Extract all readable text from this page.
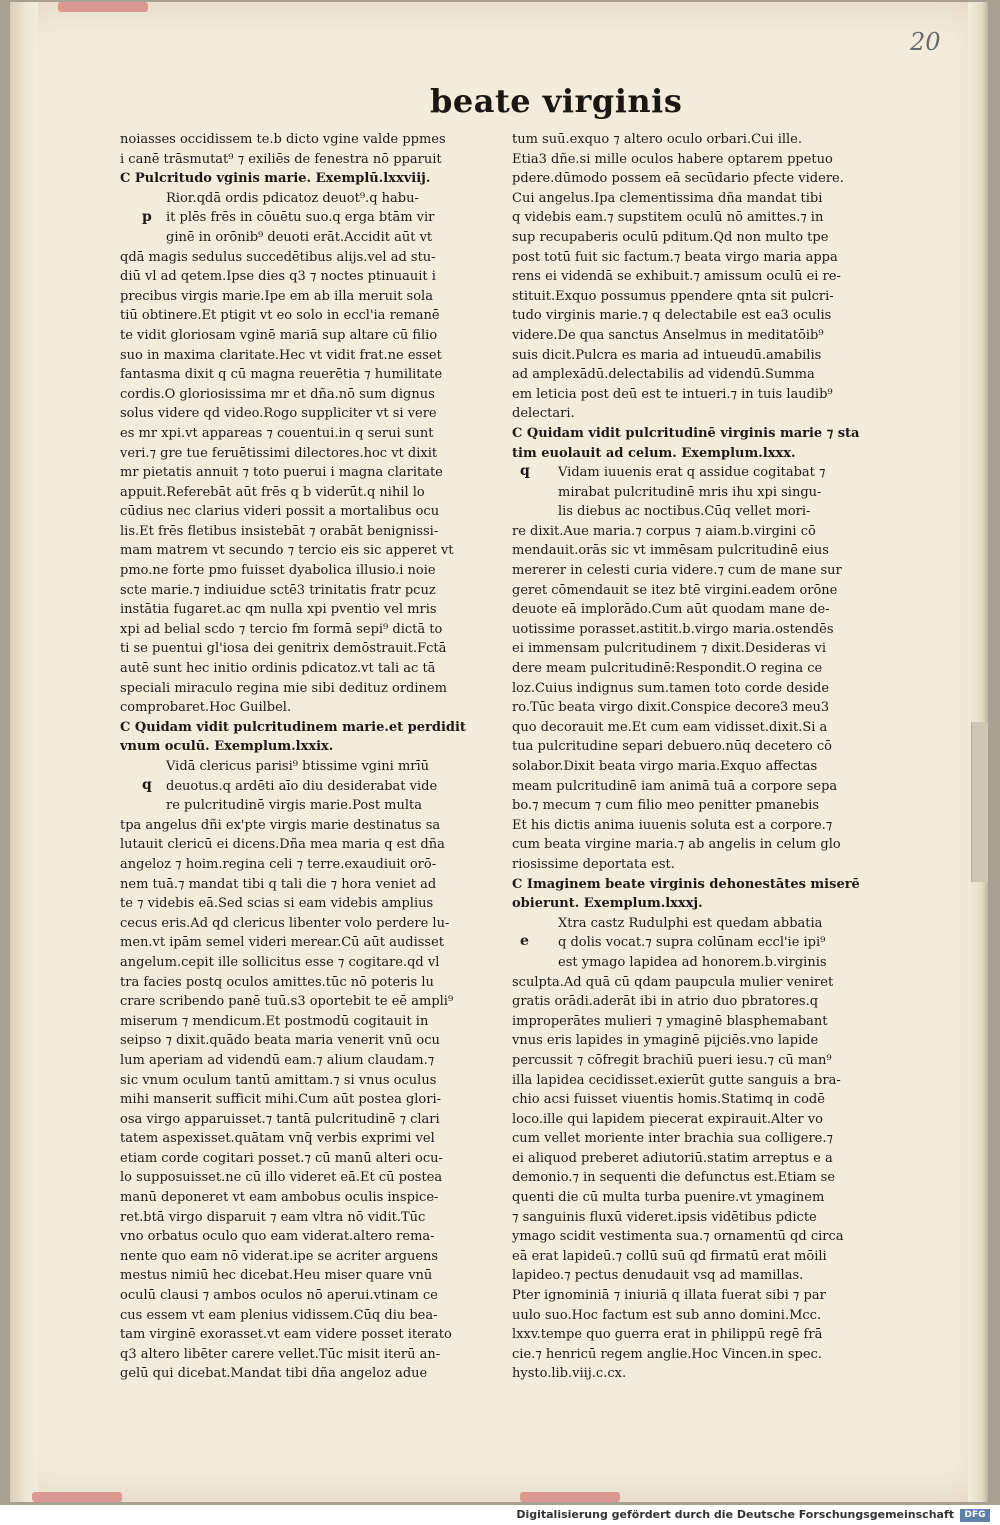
20
beate virginis
noiasses occidissem te.b dicto vgine valde ppmes
i canē trāsmutat⁹ ⁊ exiliēs de fenestra nō pparuit
C Pulcritudo vginis marie. Exemplū.lxxviij.
Rior.qdā ordis pdicatoz deuot⁹.q habu-
it plēs frēs in cōuētu suo.q erga btām vir
ginē in orōnib⁹ deuoti erāt.Accidit aūt vt
qdā magis sedulus succedētibus alijs.vel ad stu-
diū vl ad qetem.Ipse dies q3 ⁊ noctes ptinuauit i
precibus virgis marie.Ipe em ab illa meruit sola
tiū obtinere.Et ptigit vt eo solo in eccl'ia remanē
te vidit gloriosam vginē mariā sup altare cū filio
suo in maxima claritate.Hec vt vidit frat.ne esset
fantasma dixit q cū magna reuerētia ⁊ humilitate
cordis.O gloriosissima mr et dña.nō sum dignus
solus videre qd video.Rogo suppliciter vt si vere
es mr xpi.vt appareas ⁊ couentui.in q serui sunt
veri.⁊ gre tue feruētissimi dilectores.hoc vt dixit
mr pietatis annuit ⁊ toto puerui i magna claritate
appuit.Referebāt aūt frēs q b viderūt.q nihil lo
cūdius nec clarius videri possit a mortalibus ocu
lis.Et frēs fletibus insistebāt ⁊ orabāt benignissi-
mam matrem vt secundo ⁊ tercio eis sic apperet vt
pmo.ne forte pmo fuisset dyabolica illusio.i noie
scte marie.⁊ indiuidue sctē3 trinitatis fratr pcuz
instātia fugaret.ac qm nulla xpi pventio vel mris
xpi ad belial scdo ⁊ tercio fm formā sepi⁹ dictā to
ti se puentui gl'iosa dei genitrix demōstrauit.Fctā
autē sunt hec initio ordinis pdicatoz.vt tali ac tā
speciali miraculo regina mie sibi dedituz ordinem
comprobaret.Hoc Guilbel.
C Quidam vidit pulcritudinem marie.et perdidit
vnum oculū. Exemplum.lxxix.
Vidā clericus parisi⁹ btissime vgini mrīū
deuotus.q ardēti aīo diu desiderabat vide
re pulcritudinē virgis marie.Post multa
tpa angelus dñi ex'pte virgis marie destinatus sa
lutauit clericū ei dicens.Dña mea maria q est dña
angeloz ⁊ hoim.regina celi ⁊ terre.exaudiuit orō-
nem tuā.⁊ mandat tibi q tali die ⁊ hora veniet ad
te ⁊ videbis eā.Sed scias si eam videbis amplius
cecus eris.Ad qd clericus libenter volo perdere lu-
men.vt ipām semel videri merear.Cū aūt audisset
angelum.cepit ille sollicitus esse ⁊ cogitare.qd vl
tra facies postq oculos amittes.tūc nō poteris lu
crare scribendo panē tuū.s3 oportebit te eē ampli⁹
miserum ⁊ mendicum.Et postmodū cogitauit in
seipso ⁊ dixit.quādo beata maria venerit vnū ocu
lum aperiam ad videndū eam.⁊ alium claudam.⁊
sic vnum oculum tantū amittam.⁊ si vnus oculus
mihi manserit sufficit mihi.Cum aūt postea glori-
osa virgo apparuisset.⁊ tantā pulcritudinē ⁊ clari
tatem aspexisset.quātam vnq̄ verbis exprimi vel
etiam corde cogitari posset.⁊ cū manū alteri ocu-
lo supposuisset.ne cū illo videret eā.Et cū postea
manū deponeret vt eam ambobus oculis inspice-
ret.btā virgo disparuit ⁊ eam vltra nō vidit.Tūc
vno orbatus oculo quo eam viderat.altero rema-
nente quo eam nō viderat.ipe se acriter arguens
mestus nimiū hec dicebat.Heu miser quare vnū
oculū clausi ⁊ ambos oculos nō aperui.vtinam ce
cus essem vt eam plenius vidissem.Cūq diu bea-
tam virginē exorasset.vt eam videre posset iterato
q3 altero libēter carere vellet.Tūc misit iterū an-
gelū qui dicebat.Mandat tibi dña angeloz adue
tum suū.exquo ⁊ altero oculo orbari.Cui ille.
Etia3 dñe.si mille oculos habere optarem ppetuo
pdere.dūmodo possem eā secūdario pfecte videre.
Cui angelus.Ipa clementissima dña mandat tibi
q videbis eam.⁊ supstitem oculū nō amittes.⁊ in
sup recupaberis oculū pditum.Qd non multo tpe
post totū fuit sic factum.⁊ beata virgo maria appa
rens ei videndā se exhibuit.⁊ amissum oculū ei re-
stituit.Exquo possumus ppendere qnta sit pulcri-
tudo virginis marie.⁊ q delectabile est ea3 oculis
videre.De qua sanctus Anselmus in meditatōib⁹
suis dicit.Pulcra es maria ad intueudū.amabilis
ad amplexādū.delectabilis ad videndū.Summa
em leticia post deū est te intueri.⁊ in tuis laudib⁹
delectari.
C Quidam vidit pulcritudinē virginis marie ⁊ sta
tim euolauit ad celum. Exemplum.lxxx.
Vidam iuuenis erat q assidue cogitabat ⁊
mirabat pulcritudinē mris ihu xpi singu-
lis diebus ac noctibus.Cūq vellet mori-
re dixit.Aue maria.⁊ corpus ⁊ aiam.b.virgini cō
mendauit.orās sic vt immēsam pulcritudinē eius
mererer in celesti curia videre.⁊ cum de mane sur
geret cōmendauit se itez btē virgini.eadem orōne
deuote eā implorādo.Cum aūt quodam mane de-
uotissime porasset.astitit.b.virgo maria.ostendēs
ei immensam pulcritudinem ⁊ dixit.Desideras vi
dere meam pulcritudinē:Respondit.O regina ce
loz.Cuius indignus sum.tamen toto corde deside
ro.Tūc beata virgo dixit.Conspice decore3 meu3
quo decorauit me.Et cum eam vidisset.dixit.Si a
tua pulcritudine separi debuero.nūq decetero cō
solabor.Dixit beata virgo maria.Exquo affectas
meam pulcritudinē iam animā tuā a corpore sepa
bo.⁊ mecum ⁊ cum filio meo penitter pmanebis
Et his dictis anima iuuenis soluta est a corpore.⁊
cum beata virgine maria.⁊ ab angelis in celum glo
riosissime deportata est.
C Imaginem beate virginis dehonestātes miserē
obierunt. Exemplum.lxxxj.
Xtra castz Rudulphi est quedam abbatia
q dolis vocat.⁊ supra colūnam eccl'ie ipi⁹
est ymago lapidea ad honorem.b.virginis
sculpta.Ad quā cū qdam paupcula mulier veniret
gratis orādi.aderāt ibi in atrio duo pbratores.q
improperātes mulieri ⁊ ymaginē blasphemabant
vnus eris lapides in ymaginē pijciēs.vno lapide
percussit ⁊ cōfregit brachiū pueri iesu.⁊ cū man⁹
illa lapidea cecidisset.exierūt gutte sanguis a bra-
chio acsi fuisset viuentis homis.Statimq in codē
loco.ille qui lapidem piecerat expirauit.Alter vo
cum vellet moriente inter brachia sua colligere.⁊
ei aliquod preberet adiutoriū.statim arreptus e a
demonio.⁊ in sequenti die defunctus est.Etiam se
quenti die cū multa turba puenire.vt ymaginem
⁊ sanguinis fluxū videret.ipsis vidētibus pdicte
ymago scidit vestimenta sua.⁊ ornamentū qd circa
eā erat lapideū.⁊ collū suū qd firmatū erat mōili
lapideo.⁊ pectus denudauit vsq ad mamillas.
Pter ignominiā ⁊ iniuriā q illata fuerat sibi ⁊ par
uulo suo.Hoc factum est sub anno domini.Mcc.
lxxv.tempe quo guerra erat in philippū regē frā
cie.⁊ henricū regem anglie.Hoc Vincen.in spec.
hysto.lib.viij.c.cx.
p
q
q
e
Digitalisierung gefördert durch die Deutsche Forschungsgemeinschaft	DFG
